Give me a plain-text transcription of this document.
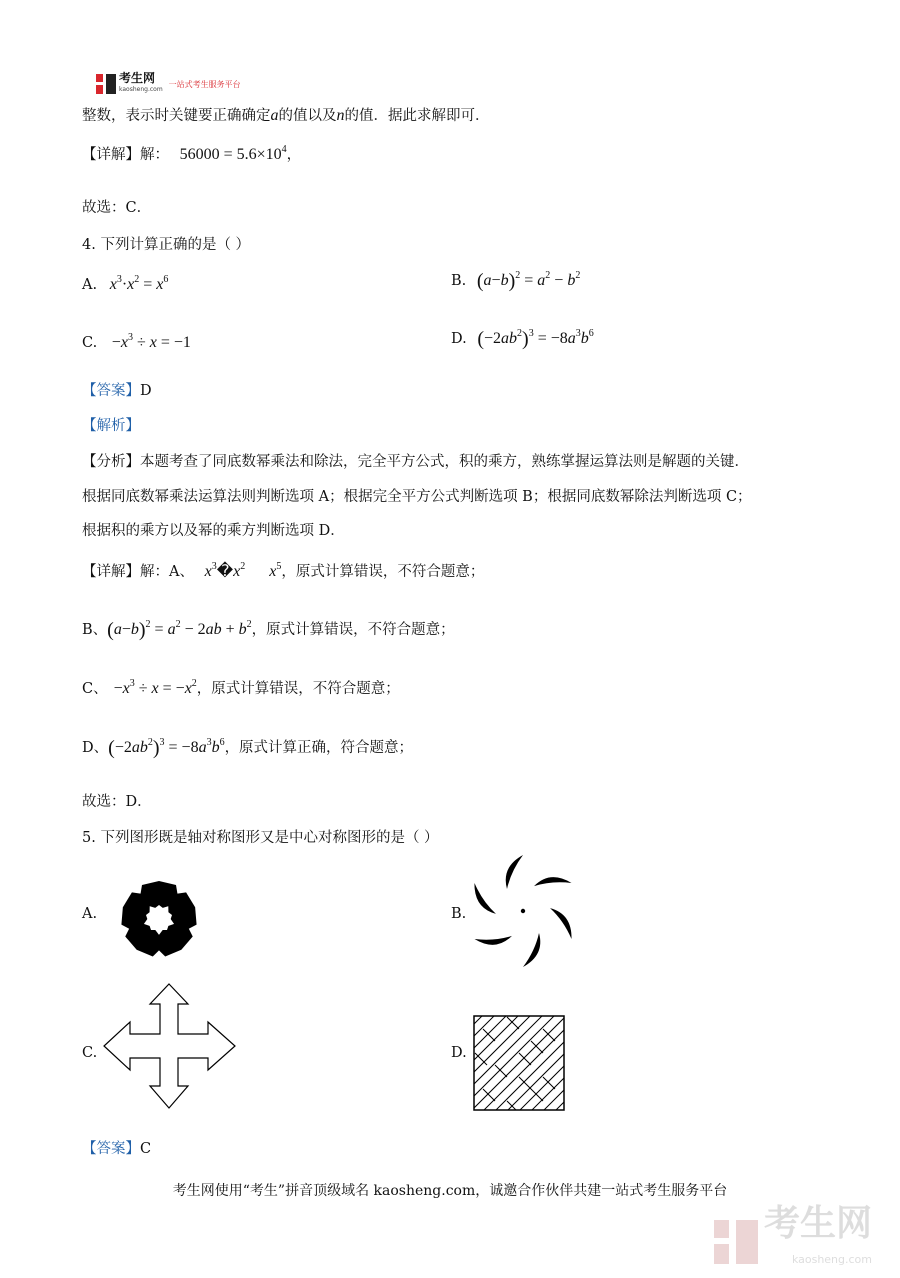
考生网
kaosheng.com
一站式考生服务平台
整数，表示时关键要正确确定a的值以及n的值．据此求解即可．
【详解】解： $56000 = 5.6\times 10^4$，
故选：C．
4. 下列计算正确的是（ ）
A. $x^3\cdot x^2 = x^6$	B. $(a-b)^2 = a^2 - b^2$
C. $-x^3 \div x = -1$	D. $(-2ab^2)^3 = -8a^3b^6$
【答案】D
【解析】
【分析】本题考查了同底数幂乘法和除法，完全平方公式，积的乘方，熟练掌握运算法则是解题的关键．
根据同底数幂乘法运算法则判断选项 A；根据完全平方公式判断选项 B；根据同底数幂除法判断选项 C；
根据积的乘方以及幂的乘方判断选项 D．
【详解】解：A、 $x^3�x^2$      $x^5$，原式计算错误，不符合题意；
B、$(a-b)^2 = a^2 - 2ab + b^2$，原式计算错误，不符合题意；
C、 $-x^3 \div x = -x^2$，原式计算错误，不符合题意；
D、$(-2ab^2)^3 = -8a^3b^6$，原式计算正确，符合题意；
故选：D．
5. 下列图形既是轴对称图形又是中心对称图形的是（ ）
A.	B.
C.	D.
【答案】C
考生网使用“考生”拼音顶级域名 kaosheng.com，诚邀合作伙伴共建一站式考生服务平台
考生网
kaosheng.com
